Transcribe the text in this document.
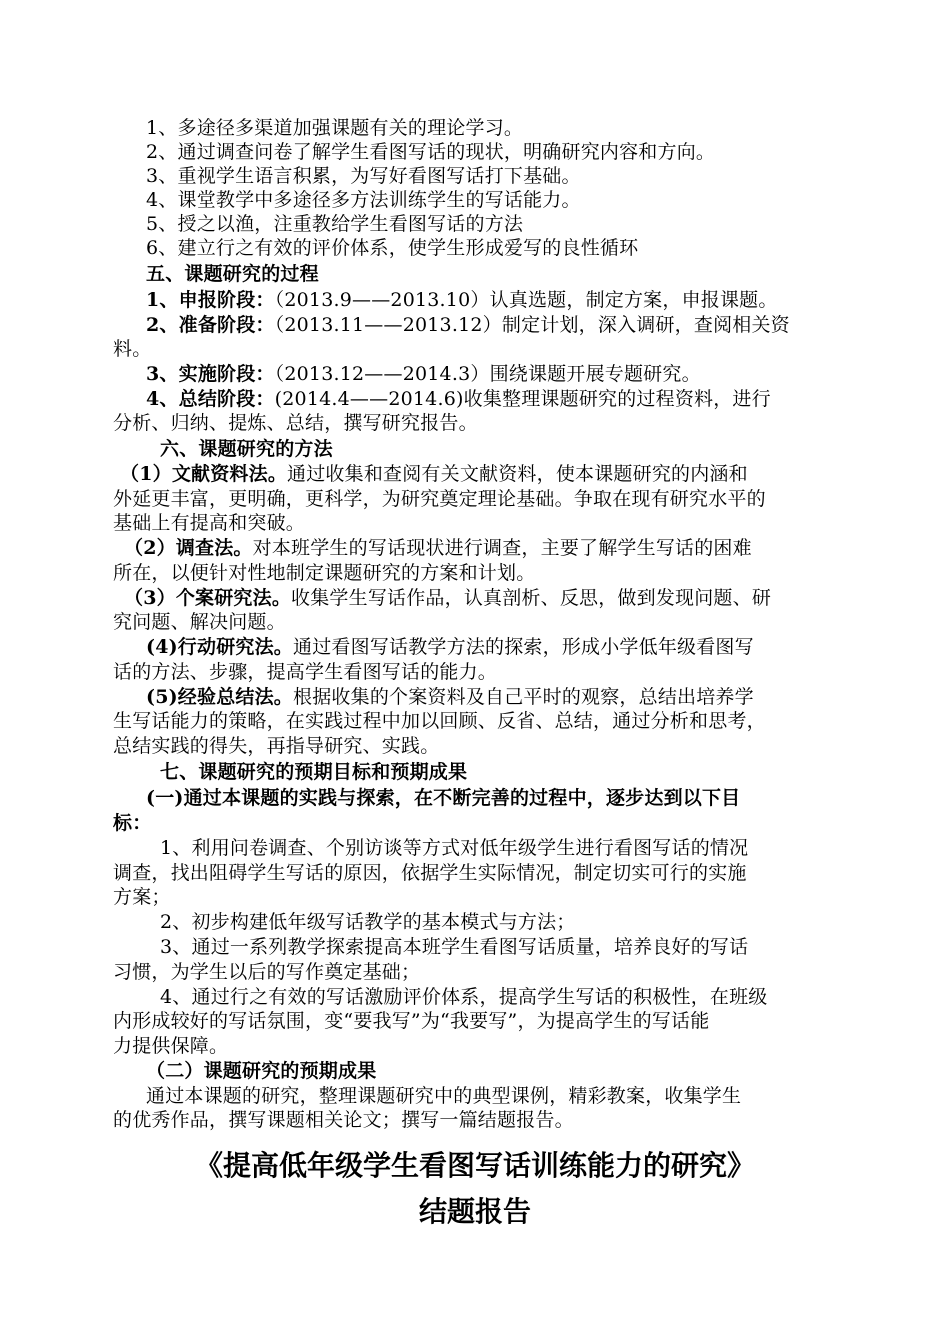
1、多途径多渠道加强课题有关的理论学习。

2、通过调查问卷了解学生看图写话的现状，明确研究内容和方向。

3、重视学生语言积累，为写好看图写话打下基础。

4、课堂教学中多途径多方法训练学生的写话能力。

5、授之以渔，注重教给学生看图写话的方法

6、建立行之有效的评价体系，使学生形成爱写的良性循环

五、课题研究的过程

1、申报阶段：（2013.9——2013.10）认真选题，制定方案，申报课题。

2、准备阶段：（2013.11——2013.12）制定计划，深入调研，查阅相关资

料。

3、实施阶段：（2013.12——2014.3）围绕课题开展专题研究。

4、总结阶段：(2014.4——2014.6)收集整理课题研究的过程资料，进行

分析、归纳、提炼、总结，撰写研究报告。

六、课题研究的方法

（1）文献资料法。通过收集和查阅有关文献资料，使本课题研究的内涵和

外延更丰富，更明确，更科学，为研究奠定理论基础。争取在现有研究水平的

基础上有提高和突破。

（2）调查法。对本班学生的写话现状进行调查，主要了解学生写话的困难

所在，以便针对性地制定课题研究的方案和计划。

（3）个案研究法。收集学生写话作品，认真剖析、反思，做到发现问题、研

究问题、解决问题。

(4)行动研究法。通过看图写话教学方法的探索，形成小学低年级看图写

话的方法、步骤，提高学生看图写话的能力。

(5)经验总结法。根据收集的个案资料及自己平时的观察，总结出培养学

生写话能力的策略，在实践过程中加以回顾、反省、总结，通过分析和思考，

总结实践的得失，再指导研究、实践。

七、课题研究的预期目标和预期成果

(一)通过本课题的实践与探索，在不断完善的过程中，逐步达到以下目

标：

1、利用问卷调查、个别访谈等方式对低年级学生进行看图写话的情况

调查，找出阻碍学生写话的原因，依据学生实际情况，制定切实可行的实施

方案；

2、初步构建低年级写话教学的基本模式与方法；

3、通过一系列教学探索提高本班学生看图写话质量，培养良好的写话

习惯，为学生以后的写作奠定基础；

4、通过行之有效的写话激励评价体系，提高学生写话的积极性，在班级

内形成较好的写话氛围，变“要我写”为“我要写”，为提高学生的写话能

力提供保障。

（二）课题研究的预期成果

通过本课题的研究，整理课题研究中的典型课例，精彩教案，收集学生

的优秀作品，撰写课题相关论文；撰写一篇结题报告。

《提高低年级学生看图写话训练能力的研究》
结题报告
